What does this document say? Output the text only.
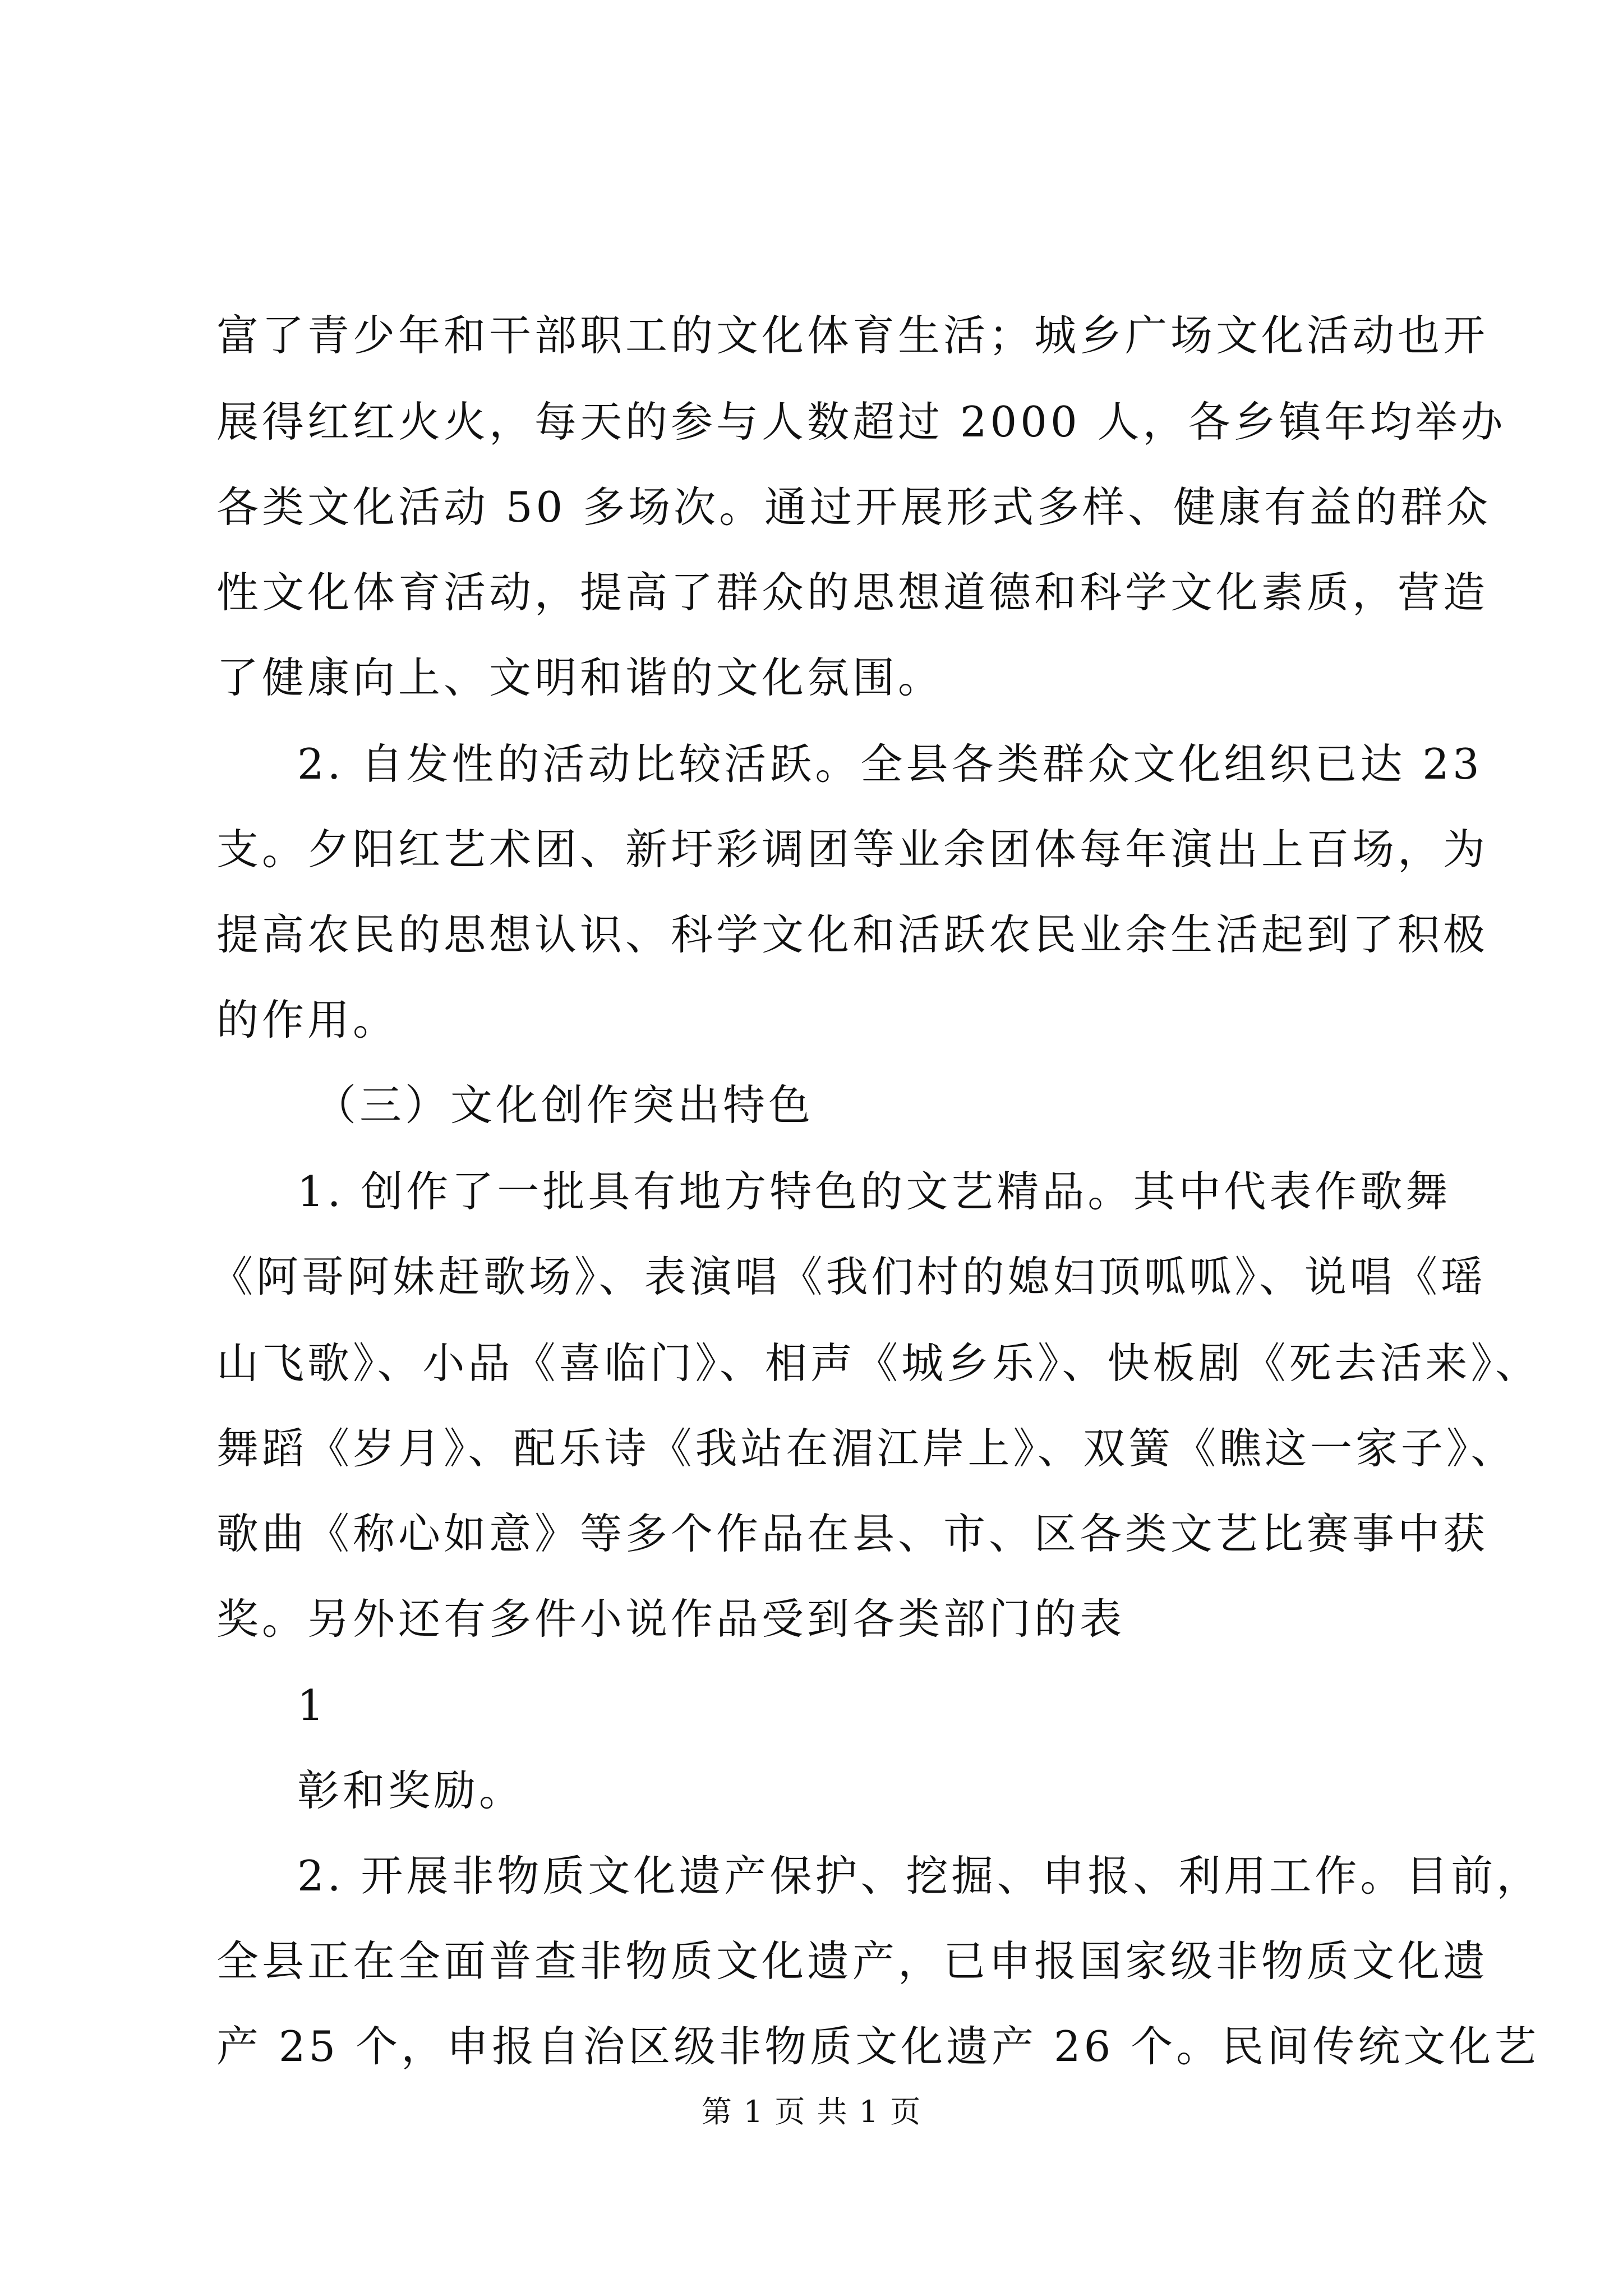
富了青少年和干部职工的文化体育生活；城乡广场文化活动也开
展得红红火火，每天的参与人数超过 2000 人，各乡镇年均举办
各类文化活动 50 多场次。通过开展形式多样、健康有益的群众
性文化体育活动，提高了群众的思想道德和科学文化素质，营造
了健康向上、文明和谐的文化氛围。
2. 自发性的活动比较活跃。全县各类群众文化组织已达 23
支。夕阳红艺术团、新圩彩调团等业余团体每年演出上百场，为
提高农民的思想认识、科学文化和活跃农民业余生活起到了积极
的作用。
（三）文化创作突出特色
1. 创作了一批具有地方特色的文艺精品。其中代表作歌舞
《阿哥阿妹赶歌场》、表演唱《我们村的媳妇顶呱呱》、说唱《瑶
山飞歌》、小品《喜临门》、相声《城乡乐》、快板剧《死去活来》、
舞蹈《岁月》、配乐诗《我站在湄江岸上》、双簧《瞧这一家子》、
歌曲《称心如意》等多个作品在县、市、区各类文艺比赛事中获
奖。另外还有多件小说作品受到各类部门的表
1
彰和奖励。
2. 开展非物质文化遗产保护、挖掘、申报、利用工作。目前，
全县正在全面普查非物质文化遗产，已申报国家级非物质文化遗
产 25 个，申报自治区级非物质文化遗产 26 个。民间传统文化艺
第 1 页 共 1 页
